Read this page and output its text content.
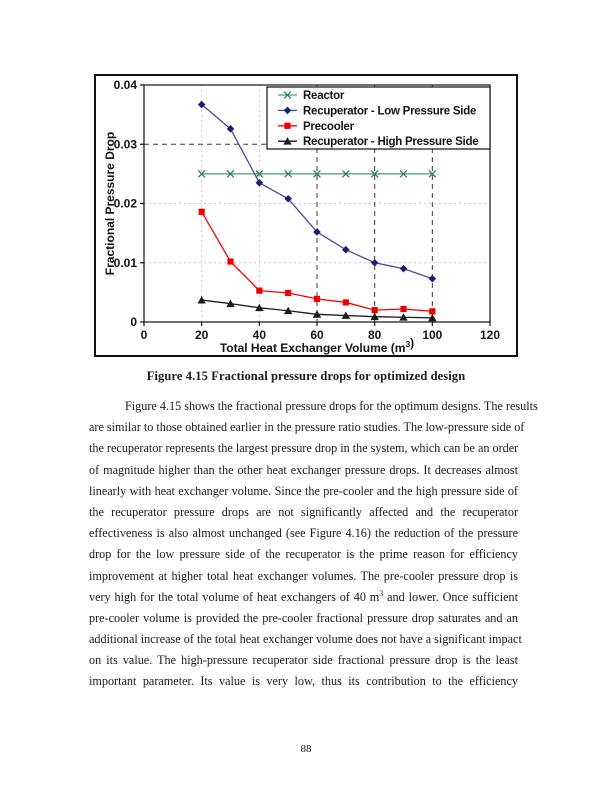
0
0.01
0.02
0.03
0.04
0	20	40	60	80	100	120
Fractional Pressure Drop
Total Heat Exchanger Volume $(m^3)$
Reactor
Recuperator - Low Pressure Side
Precooler
Recuperator - High Pressure Side
Figure 4.15 Fractional pressure drops for optimized design
Figure 4.15 shows the fractional pressure drops for the optimum designs. The results
are similar to those obtained earlier in the pressure ratio studies. The low-pressure side of
the recuperator represents the largest pressure drop in the system, which can be an order
of magnitude higher than the other heat exchanger pressure drops. It decreases almost
linearly with heat exchanger volume. Since the pre-cooler and the high pressure side of
the recuperator pressure drops are not significantly affected and the recuperator
effectiveness is also almost unchanged (see Figure 4.16) the reduction of the pressure
drop for the low pressure side of the recuperator is the prime reason for efficiency
improvement at higher total heat exchanger volumes. The pre-cooler pressure drop is
very high for the total volume of heat exchangers of 40 $m^3$ and lower. Once sufficient
pre-cooler volume is provided the pre-cooler fractional pressure drop saturates and an
additional increase of the total heat exchanger volume does not have a significant impact
on its value. The high-pressure recuperator side fractional pressure drop is the least
important parameter. Its value is very low, thus its contribution to the efficiency
88
